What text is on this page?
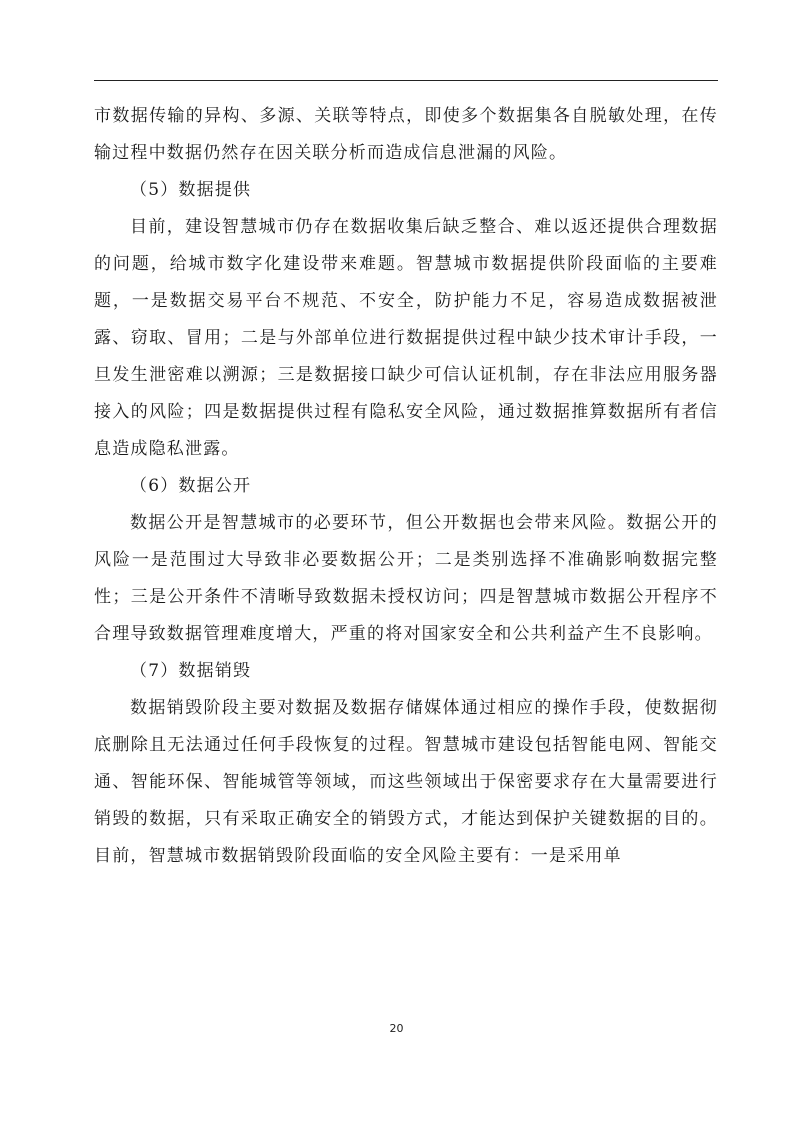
市数据传输的异构、多源、关联等特点，即使多个数据集各自脱敏处理，在传输过程中数据仍然存在因关联分析而造成信息泄漏的风险。

（5）数据提供

目前，建设智慧城市仍存在数据收集后缺乏整合、难以返还提供合理数据的问题，给城市数字化建设带来难题。智慧城市数据提供阶段面临的主要难题，一是数据交易平台不规范、不安全，防护能力不足，容易造成数据被泄露、窃取、冒用；二是与外部单位进行数据提供过程中缺少技术审计手段，一旦发生泄密难以溯源；三是数据接口缺少可信认证机制，存在非法应用服务器接入的风险；四是数据提供过程有隐私安全风险，通过数据推算数据所有者信息造成隐私泄露。

（6）数据公开

数据公开是智慧城市的必要环节，但公开数据也会带来风险。数据公开的风险一是范围过大导致非必要数据公开；二是类别选择不准确影响数据完整性；三是公开条件不清晰导致数据未授权访问；四是智慧城市数据公开程序不合理导致数据管理难度增大，严重的将对国家安全和公共利益产生不良影响。

（7）数据销毁

数据销毁阶段主要对数据及数据存储媒体通过相应的操作手段，使数据彻底删除且无法通过任何手段恢复的过程。智慧城市建设包括智能电网、智能交通、智能环保、智能城管等领域，而这些领域出于保密要求存在大量需要进行销毁的数据，只有采取正确安全的销毁方式，才能达到保护关键数据的目的。目前，智慧城市数据销毁阶段面临的安全风险主要有：一是采用单

20
